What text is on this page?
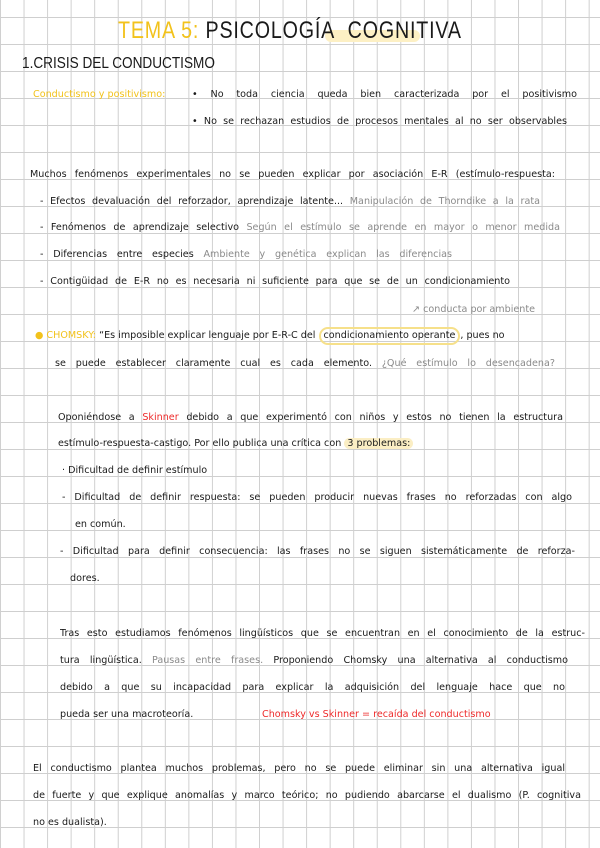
TEMA 5: PSICOLOGÍA COGNITIVA
1.CRISIS DEL CONDUCTISMO
Conductismo y positivismo:	• No toda ciencia queda bien caracterizada por el positivismo
• No se rechazan estudios de procesos mentales al no ser observables
Muchos fenómenos experimentales no se pueden explicar por asociación E-R (estímulo-respuesta:
- Efectos devaluación del reforzador, aprendizaje latente... Manipulación de Thorndike a la rata
- Fenómenos de aprendizaje selectivo Según el estímulo se aprende en mayor o menor medida
- Diferencias entre especies Ambiente y genética explican las diferencias
- Contigüidad de E-R no es necesaria ni suficiente para que se de un condicionamiento
↗ conducta por ambiente
● CHOMSKY: “Es imposible explicar lenguaje por E-R-C del condicionamiento operante , pues no
se puede establecer claramente cual es cada elemento. ¿Qué estímulo lo desencadena?
Oponiéndose a Skinner debido a que experimentó con niños y estos no tienen la estructura
estímulo-respuesta-castigo. Por ello publica una crítica con 3 problemas:
· Dificultad de definir estímulo
- Dificultad de definir respuesta: se pueden producir nuevas frases no reforzadas con algo
en común.
- Dificultad para definir consecuencia: las frases no se siguen sistemáticamente de reforza-
dores.
Tras esto estudiamos fenómenos lingüísticos que se encuentran en el conocimiento de la estruc-
tura lingüística. Pausas entre frases. Proponiendo Chomsky una alternativa al conductismo
debido a que su incapacidad para explicar la adquisición del lenguaje hace que no
pueda ser una macroteoría.	Chomsky vs Skinner = recaída del conductismo
El conductismo plantea muchos problemas, pero no se puede eliminar sin una alternativa igual
de fuerte y que explique anomalías y marco teórico; no pudiendo abarcarse el dualismo (P. cognitiva
no es dualista).
